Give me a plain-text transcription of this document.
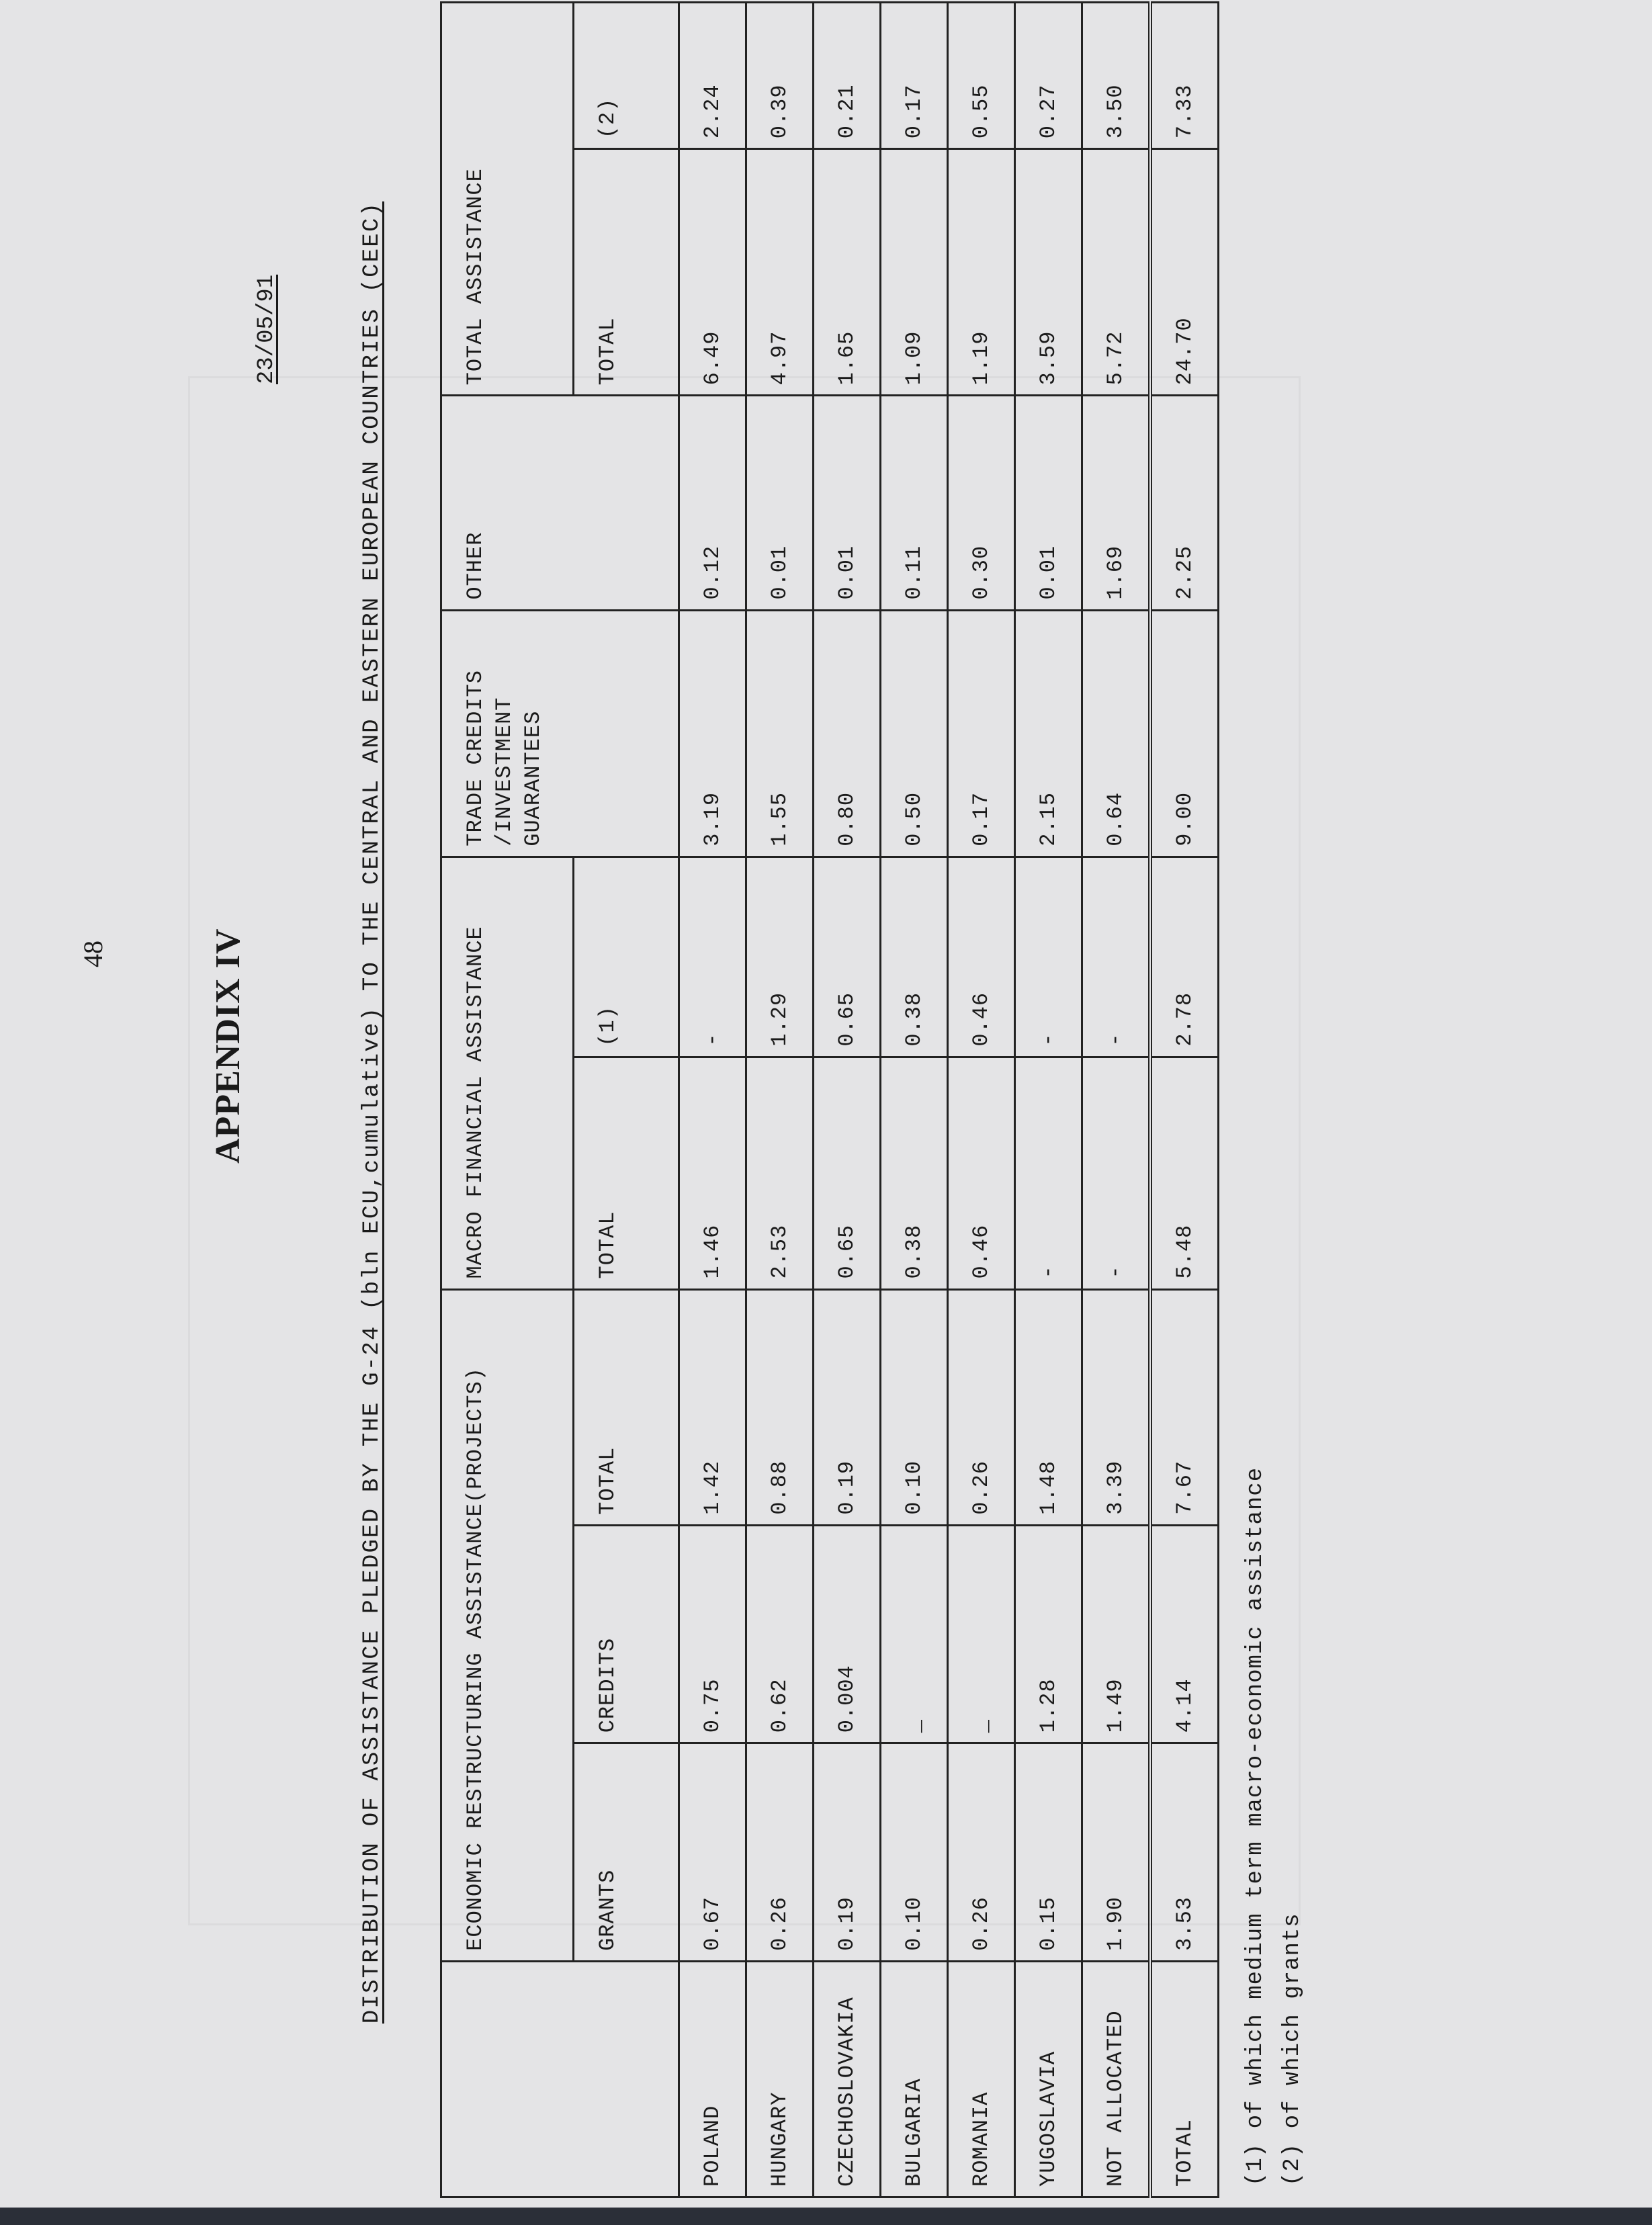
48	APPENDIX IV
23/05/91	DISTRIBUTION OF ASSISTANCE PLEDGED BY THE G-24 (bln ECU,cumulative) TO THE CENTRAL AND EASTERN EUROPEAN COUNTRIES (CEEC)
		ECONOMIC RESTRUCTURING ASSISTANCE(PROJECTS)			MACRO FINANCIAL ASSISTANCE		TRADE CREDITS /INVESTMENT GUARANTEES	OTHER	TOTAL ASSISTANCE	
	GRANTS	CREDITS	TOTAL	TOTAL	(1)			TOTAL	(2)
POLAND	0.67	0.75	1.42	1.46	-	3.19	0.12	6.49	2.24
HUNGARY	0.26	0.62	0.88	2.53	1.29	1.55	0.01	4.97	0.39
CZECHOSLOVAKIA	0.19	0.004	0.19	0.65	0.65	0.80	0.01	1.65	0.21
BULGARIA	0.10	_	0.10	0.38	0.38	0.50	0.11	1.09	0.17
ROMANIA	0.26	_	0.26	0.46	0.46	0.17	0.30	1.19	0.55
YUGOSLAVIA	0.15	1.28	1.48	-	-	2.15	0.01	3.59	0.27
NOT ALLOCATED	1.90	1.49	3.39	-	-	0.64	1.69	5.72	3.50
TOTAL	3.53	4.14	7.67	5.48	2.78	9.00	2.25	24.70	7.33
(1) of which medium term macro-economic assistance (2) of which grants
